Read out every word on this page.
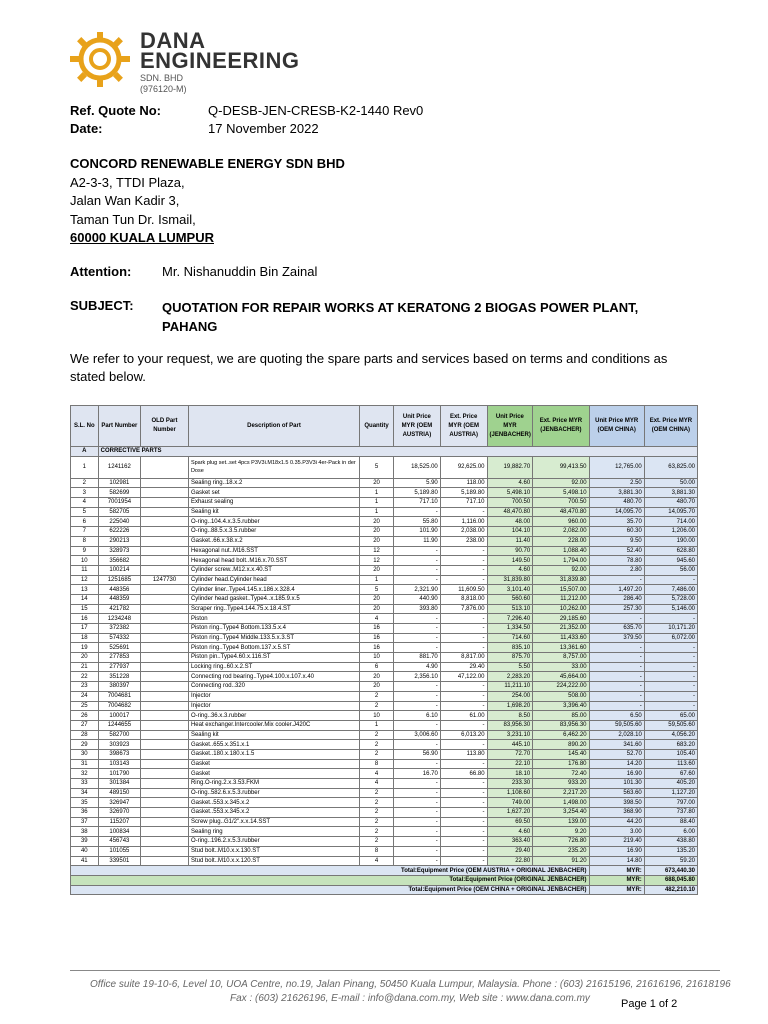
DANA
ENGINEERING
SDN. BHD
(976120-M)
Ref. Quote No:	Q-DESB-JEN-CRESB-K2-1440 Rev0
Date:	17 November 2022
CONCORD RENEWABLE ENERGY SDN BHD
A2-3-3, TTDI Plaza,
Jalan Wan Kadir 3,
Taman Tun Dr. Ismail,
60000 KUALA LUMPUR
Attention: Mr. Nishanuddin Bin Zainal
SUBJECT: QUOTATION FOR REPAIR WORKS AT KERATONG 2 BIOGAS POWER PLANT, PAHANG
We refer to your request, we are quoting the spare parts and services based on terms and conditions as stated below.
S.L. No	Part Number	OLD Part Number	Description of Part	Quantity	Unit Price MYR (OEM AUSTRIA)	Ext. Price MYR (OEM AUSTRIA)	Unit Price MYR (JENBACHER)	Ext. Price MYR (JENBACHER)	Unit Price MYR (OEM CHINA)	Ext. Price MYR (OEM CHINA)
A	CORRECTIVE PARTS									
1	1241162		Spark plug set..set 4pcs P3V3i.M18x1.5 0.35.P3V3i 4er-Pack in der Dose	5	18,525.00	92,625.00	19,882.70	99,413.50	12,765.00	63,825.00
2	102981		Sealing ring..18.x.2	20	5.90	118.00	4.60	92.00	2.50	50.00
3	582699		Gasket set	1	5,189.80	5,189.80	5,498.10	5,498.10	3,881.30	3,881.30
4	7001954		Exhaust sealing	1	717.10	717.10	700.50	700.50	480.70	480.70
5	582705		Sealing kit	1	-	-	48,470.80	48,470.80	14,095.70	14,095.70
6	225040		O-ring..104.4.x.3.5.rubber	20	55.80	1,116.00	48.00	960.00	35.70	714.00
7	622226		O-ring..88.5.x.3.5.rubber	20	101.90	2,038.00	104.10	2,082.00	60.30	1,206.00
8	290213		Gasket..66.x.38.x.2	20	11.90	238.00	11.40	228.00	9.50	190.00
9	328973		Hexagonal nut..M16.SST	12	-	-	90.70	1,088.40	52.40	628.80
10	356682		Hexagonal head bolt..M16.x.70.SST	12	-	-	149.50	1,794.00	78.80	945.60
11	100214		Cylinder screw..M12.x.x.40.ST	20	-	-	4.60	92.00	2.80	56.00
12	1251685	1247730	Cylinder head.Cylinder head	1	-	-	31,839.80	31,839.80	-	-
13	448356		Cylinder liner..Type4.145.x.186.x.328.4	5	2,321.90	11,609.50	3,101.40	15,507.00	1,497.20	7,486.00
14	448359		Cylinder head gasket..Type4..x.185.9.x.5	20	440.90	8,818.00	560.60	11,212.00	286.40	5,728.00
15	421782		Scraper ring..Type4.144.75.x.18.4.ST	20	393.80	7,876.00	513.10	10,262.00	257.30	5,146.00
16	1234248		Piston	4	-	-	7,296.40	29,185.60	-	-
17	372382		Piston ring..Type4 Bottom.133.5.x.4	16	-	-	1,334.50	21,352.00	635.70	10,171.20
18	574332		Piston ring..Type4 Middle.133.5.x.3.ST	16	-	-	714.60	11,433.60	379.50	6,072.00
19	525691		Piston ring..Type4 Bottom.137.x.5.ST	16	-	-	835.10	13,361.60	-	-
20	277853		Piston pin..Type4.60.x.116.ST	10	881.70	8,817.00	875.70	8,757.00	-	-
21	277937		Locking ring..60.x.2.ST	6	4.90	29.40	5.50	33.00	-	-
22	351228		Connecting rod bearing..Type4.100.x.107.x.40	20	2,356.10	47,122.00	2,283.20	45,664.00	-	-
23	380397		Connecting rod..320	20	-	-	11,211.10	224,222.00	-	-
24	7004681		Injector	2	-	-	254.00	508.00	-	-
25	7004682		Injector	2	-	-	1,698.20	3,396.40	-	-
26	100017		O-ring..36.x.3.rubber	10	6.10	61.00	8.50	85.00	6.50	65.00
27	1244655		Heat exchanger.Intercooler.Mix cooler.J420C	1	-	-	83,956.30	83,956.30	59,505.60	59,505.60
28	582700		Sealing kit	2	3,006.60	6,013.20	3,231.10	6,462.20	2,028.10	4,056.20
29	303923		Gasket..655.x.351.x.1	2	-	-	445.10	890.20	341.60	683.20
30	398673		Gasket..180.x.180.x.1.5	2	56.90	113.80	72.70	145.40	52.70	105.40
31	103143		Gasket	8	-	-	22.10	176.80	14.20	113.60
32	101790		Gasket	4	16.70	66.80	18.10	72.40	16.90	67.60
33	301384		Ring.O-ring.2.x.3.53.FKM	4	-	-	233.30	933.20	101.30	405.20
34	489150		O-ring..582.6.x.5.3.rubber	2	-	-	1,108.60	2,217.20	563.60	1,127.20
35	326947		Gasket..553.x.345.x.2	2	-	-	749.00	1,498.00	398.50	797.00
36	326970		Gasket..553.x.345.x.2	2	-	-	1,627.20	3,254.40	368.90	737.80
37	115207		Screw plug..G1/2".x.x.14.SST	2	-	-	69.50	139.00	44.20	88.40
38	100834		Sealing ring	2	-	-	4.60	9.20	3.00	6.00
39	456743		O-ring..196.2.x.5.3.rubber	2	-	-	363.40	726.80	219.40	438.80
40	101055		Stud bolt..M10.x.x.130.ST	8	-	-	29.40	235.20	16.90	135.20
41	339501		Stud bolt..M10.x.x.120.ST	4	-	-	22.80	91.20	14.80	59.20
Total:Equipment Price (OEM AUSTRIA + ORIGINAL JENBACHER)									MYR:	673,440.30
Total:Equipment Price (ORIGINAL JENBACHER)									MYR:	688,045.80
Total:Equipment Price (OEM CHINA + ORIGINAL JENBACHER)									MYR:	482,210.10
Office suite 19-10-6, Level 10, UOA Centre, no.19, Jalan Pinang, 50450 Kuala Lumpur, Malaysia. Phone : (603) 21615196, 21616196, 21618196
Fax : (603) 21626196, E-mail : info@dana.com.my, Web site : www.dana.com.my	Page 1 of 2
